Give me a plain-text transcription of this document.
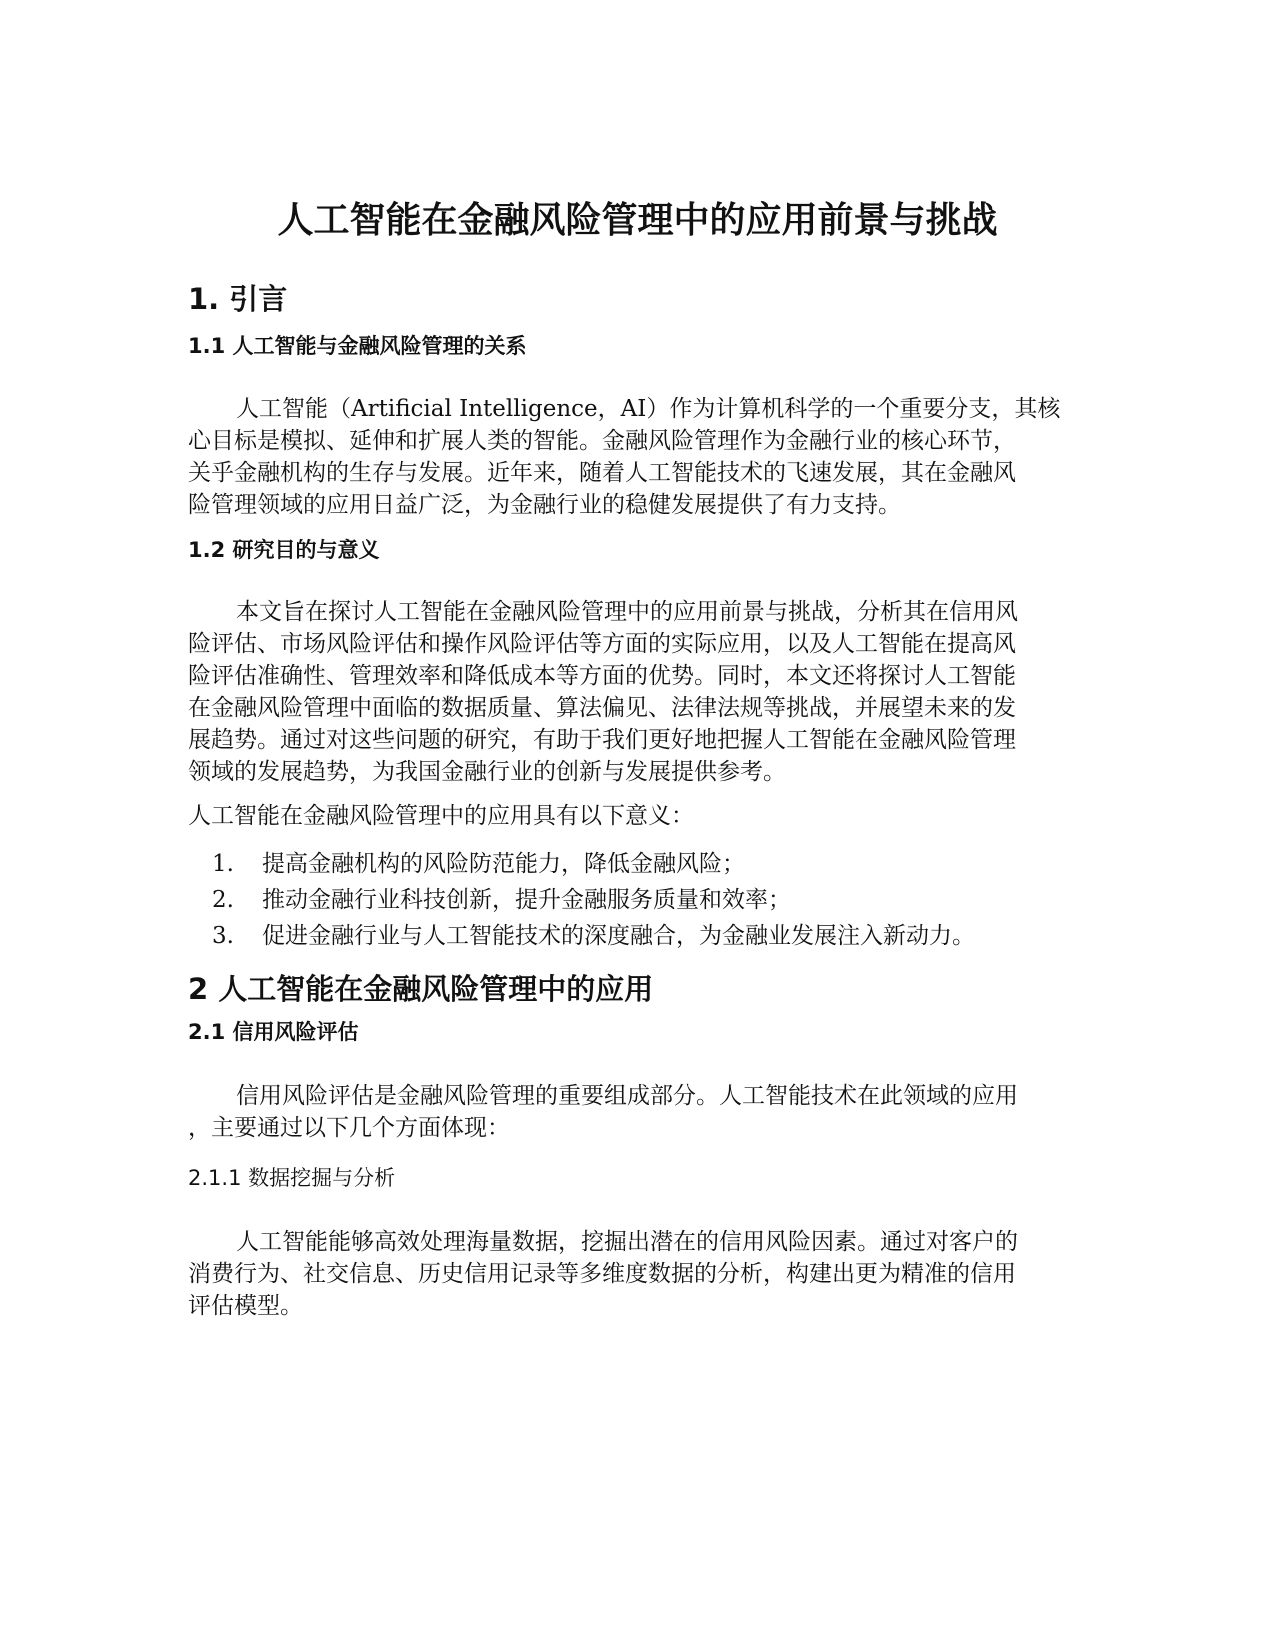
人工智能在金融风险管理中的应用前景与挑战
1. 引言
1.1 人工智能与金融风险管理的关系
人工智能（Artificial Intelligence，AI）作为计算机科学的一个重要分支，其核
心目标是模拟、延伸和扩展人类的智能。金融风险管理作为金融行业的核心环节，
关乎金融机构的生存与发展。近年来，随着人工智能技术的飞速发展，其在金融风
险管理领域的应用日益广泛，为金融行业的稳健发展提供了有力支持。
1.2 研究目的与意义
本文旨在探讨人工智能在金融风险管理中的应用前景与挑战，分析其在信用风
险评估、市场风险评估和操作风险评估等方面的实际应用，以及人工智能在提高风
险评估准确性、管理效率和降低成本等方面的优势。同时，本文还将探讨人工智能
在金融风险管理中面临的数据质量、算法偏见、法律法规等挑战，并展望未来的发
展趋势。通过对这些问题的研究，有助于我们更好地把握人工智能在金融风险管理
领域的发展趋势，为我国金融行业的创新与发展提供参考。

人工智能在金融风险管理中的应用具有以下意义：

1. 提高金融机构的风险防范能力，降低金融风险；
2. 推动金融行业科技创新，提升金融服务质量和效率；
3. 促进金融行业与人工智能技术的深度融合，为金融业发展注入新动力。
2 人工智能在金融风险管理中的应用
2.1 信用风险评估
信用风险评估是金融风险管理的重要组成部分。人工智能技术在此领域的应用
，主要通过以下几个方面体现：
2.1.1 数据挖掘与分析
人工智能能够高效处理海量数据，挖掘出潜在的信用风险因素。通过对客户的
消费行为、社交信息、历史信用记录等多维度数据的分析，构建出更为精准的信用
评估模型。
